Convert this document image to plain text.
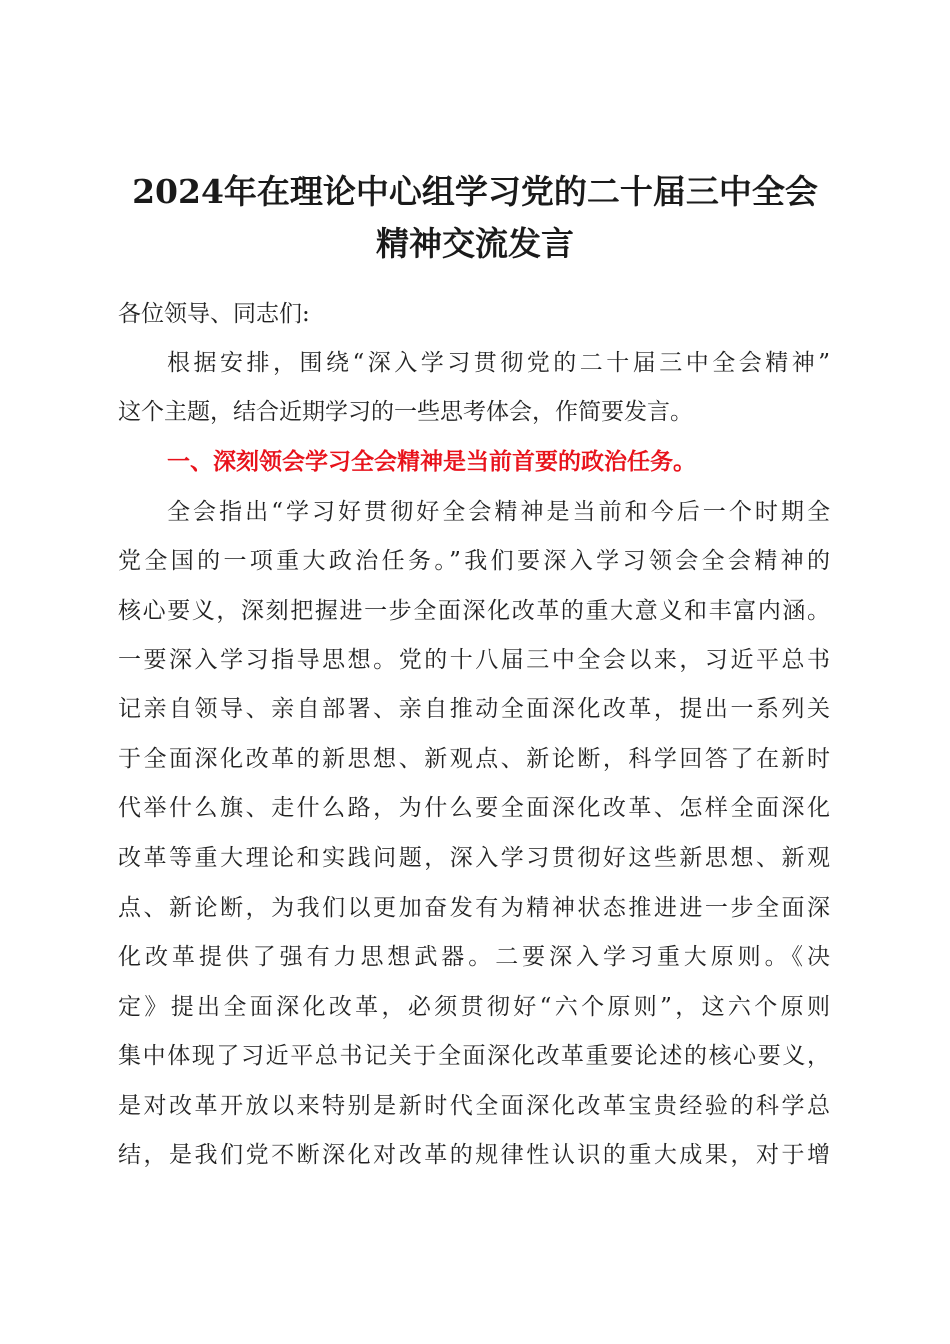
2024年在理论中心组学习党的二十届三中全会
精神交流发言
各位领导、同志们:
根据安排，围绕“深入学习贯彻党的二十届三中全会精神”
这个主题，结合近期学习的一些思考体会，作简要发言。
一、深刻领会学习全会精神是当前首要的政治任务。
全会指出“学习好贯彻好全会精神是当前和今后一个时期全
党全国的一项重大政治任务。”我们要深入学习领会全会精神的
核心要义，深刻把握进一步全面深化改革的重大意义和丰富内涵。
一要深入学习指导思想。党的十八届三中全会以来，习近平总书
记亲自领导、亲自部署、亲自推动全面深化改革，提出一系列关
于全面深化改革的新思想、新观点、新论断，科学回答了在新时
代举什么旗、走什么路，为什么要全面深化改革、怎样全面深化
改革等重大理论和实践问题，深入学习贯彻好这些新思想、新观
点、新论断，为我们以更加奋发有为精神状态推进进一步全面深
化改革提供了强有力思想武器。二要深入学习重大原则。《决
定》提出全面深化改革，必须贯彻好“六个原则”，这六个原则
集中体现了习近平总书记关于全面深化改革重要论述的核心要义，
是对改革开放以来特别是新时代全面深化改革宝贵经验的科学总
结，是我们党不断深化对改革的规律性认识的重大成果，对于增
